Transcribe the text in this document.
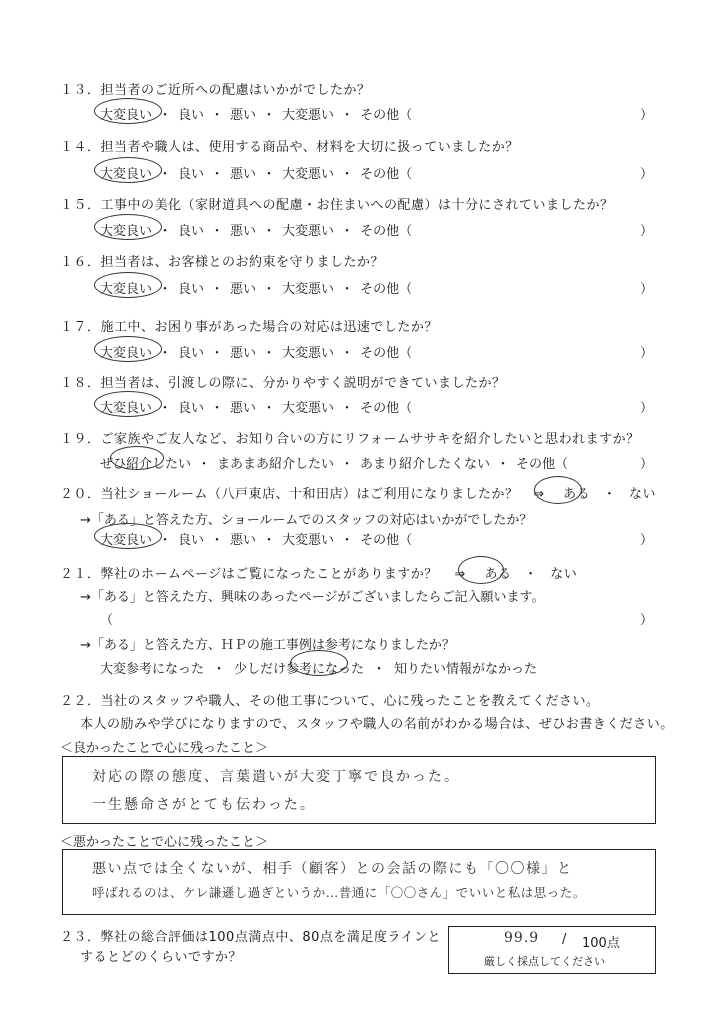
１３．担当者のご近所への配慮はいかがでしたか？
大変良い ・ 良い ・ 悪い ・ 大変悪い ・ その他（	）
１４．担当者や職人は、使用する商品や、材料を大切に扱っていましたか？
大変良い ・ 良い ・ 悪い ・ 大変悪い ・ その他（	）
１５．工事中の美化（家財道具への配慮・お住まいへの配慮）は十分にされていましたか？
大変良い ・ 良い ・ 悪い ・ 大変悪い ・ その他（	）
１６．担当者は、お客様とのお約束を守りましたか？
大変良い ・ 良い ・ 悪い ・ 大変悪い ・ その他（	）
１７．施工中、お困り事があった場合の対応は迅速でしたか？
大変良い ・ 良い ・ 悪い ・ 大変悪い ・ その他（	）
１８．担当者は、引渡しの際に、分かりやすく説明ができていましたか？
大変良い ・ 良い ・ 悪い ・ 大変悪い ・ その他（	）
１９．ご家族やご友人など、お知り合いの方にリフォームササキを紹介したいと思われますか？
ぜひ紹介したい ・ まあまあ紹介したい ・ あまり紹介したくない ・ その他（	）
２０．当社ショールーム（八戸東店、十和田店）はご利用になりましたか？ ⇒ ある ・ ない
→「ある」と答えた方、ショールームでのスタッフの対応はいかがでしたか？
大変良い ・ 良い ・ 悪い ・ 大変悪い ・ その他（	）
２１．弊社のホームページはご覧になったことがありますか？ ⇒ ある ・ ない
→「ある」と答えた方、興味のあったページがございましたらご記入願います。
（	）
→「ある」と答えた方、ＨＰの施工事例は参考になりましたか？
大変参考になった ・ 少しだけ参考になった ・ 知りたい情報がなかった
２２．当社のスタッフや職人、その他工事について、心に残ったことを教えてください。
本人の励みや学びになりますので、スタッフや職人の名前がわかる場合は、ぜひお書きください。
＜良かったことで心に残ったこと＞
対応の際の態度、言葉遣いが大変丁寧で良かった。
一生懸命さがとても伝わった。
＜悪かったことで心に残ったこと＞
悪い点では全くないが、相手（顧客）との会話の際にも「〇〇様」と
呼ばれるのは、ケレ謙遜し過ぎというか…普通に「〇〇さん」でいいと私は思った。
２３．弊社の総合評価は100点満点中、80点を満足度ラインと
するとどのくらいですか？
99.9 / 100点
厳しく採点してください
